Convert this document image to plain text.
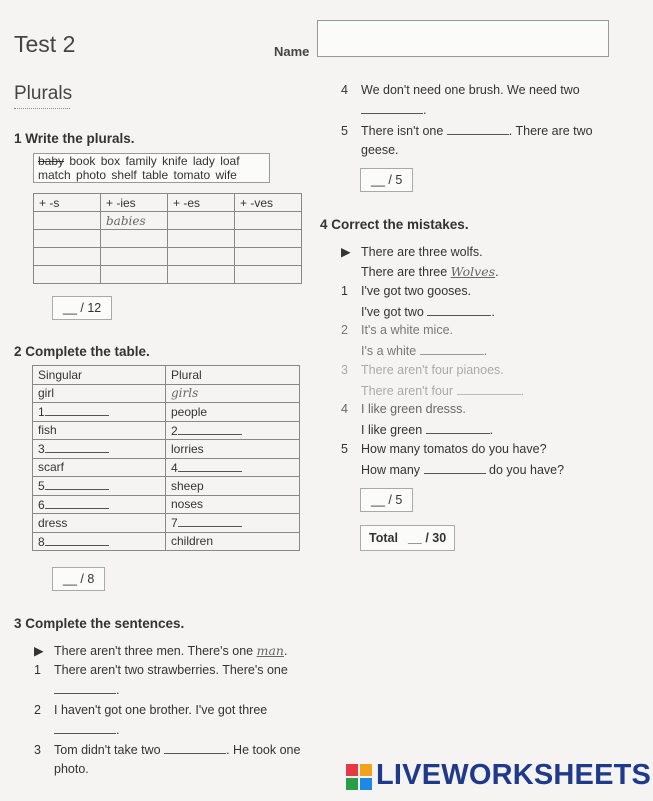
Test 2	Name
Plurals
1 Write the plurals.
baby book box family knife lady loaf
match photo shelf table tomato wife
+ -s	+ -ies	+ -es	+ -ves
	babies		

__ / 12
2 Complete the table.
Singular	Plural
girl	girls
1	people
fish	2
3	lorries
scarf	4
5	sheep
6	noses
dress	7
8	children
__ / 8
3 Complete the sentences.
▶ There aren't three men. There's one man.
1 There aren't two strawberries. There's one
.
2 I haven't got one brother. I've got three
.
3 Tom didn't take two	. He took one
photo.
4 We don't need one brush. We need two
.
5 There isn't one	. There are two
geese.
__ / 5
4 Correct the mistakes.
▶ There are three wolfs.
There are three Wolves.
1 I've got two gooses.
I've got two	.
2 It's a white mice.
I's a white	.
3 There aren't four pianoes.
There aren't four	.
4 I like green dresss.
I like green	.
5 How many tomatos do you have?
How many	do you have?
__ / 5
Total __ / 30
LIVEWORKSHEETS
